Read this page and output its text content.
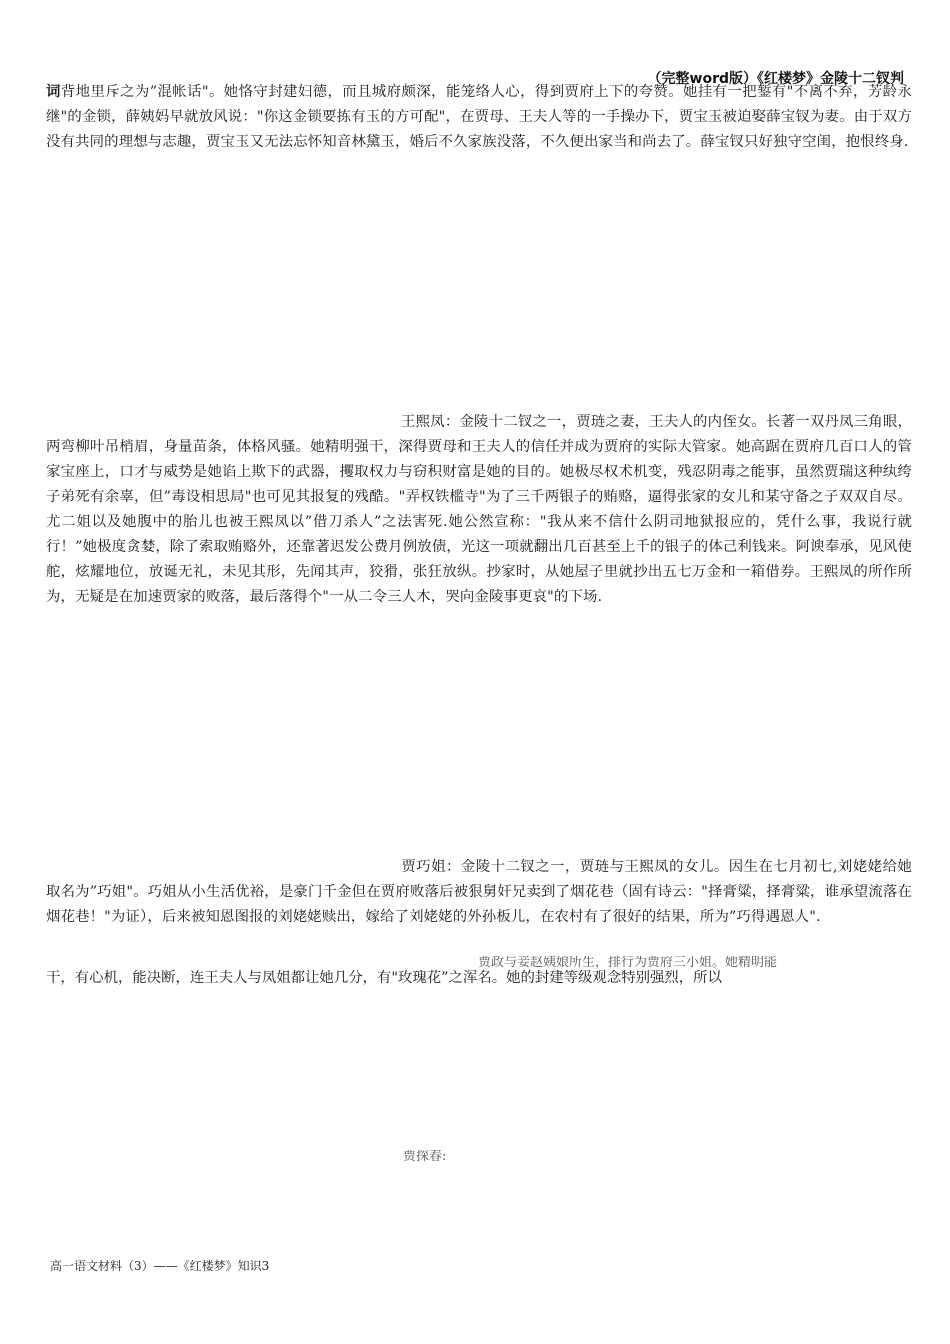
（完整word版）《红楼梦》金陵十二钗判

词背地里斥之为”混帐话"。她恪守封建妇德，而且城府颇深，能笼络人心，得到贾府上下的夸赞。她挂有一把錾有"不离不弃，芳龄永继"的金锁，薛姨妈早就放风说："你这金锁要拣有玉的方可配"，在贾母、王夫人等的一手操办下，贾宝玉被迫娶薛宝钗为妻。由于双方没有共同的理想与志趣，贾宝玉又无法忘怀知音林黛玉，婚后不久家族没落，不久便出家当和尚去了。薛宝钗只好独守空闺，抱恨终身.

王熙凤：金陵十二钗之一，贾琏之妻，王夫人的内侄女。长著一双丹凤三角眼，两弯柳叶吊梢眉，身量苗条，体格风骚。她精明强干，深得贾母和王夫人的信任并成为贾府的实际大管家。她高踞在贾府几百口人的管家宝座上，口才与威势是她谄上欺下的武器，攫取权力与窃积财富是她的目的。她极尽权术机变，残忍阴毒之能事，虽然贾瑞这种纨绔子弟死有余辜，但”毒设相思局"也可见其报复的残酷。"弄权铁槛寺"为了三千两银子的贿赂，逼得张家的女儿和某守备之子双双自尽。尤二姐以及她腹中的胎儿也被王熙凤以”借刀杀人”之法害死.她公然宣称："我从来不信什么阴司地狱报应的，凭什么事，我说行就行！”她极度贪婪，除了索取贿赂外，还靠著迟发公费月例放债，光这一项就翻出几百甚至上千的银子的体己利钱来。阿谀奉承，见风使舵，炫耀地位，放诞无礼，未见其形，先闻其声，狡猾，张狂放纵。抄家时，从她屋子里就抄出五七万金和一箱借券。王熙凤的所作所为，无疑是在加速贾家的败落，最后落得个"一从二令三人木，哭向金陵事更哀"的下场.

贾巧姐：金陵十二钗之一，贾琏与王熙凤的女儿。因生在七月初七,刘姥姥给她取名为”巧姐"。巧姐从小生活优裕，是豪门千金但在贾府败落后被狠舅奸兄卖到了烟花巷（固有诗云："择膏粱，择膏粱，谁承望流落在烟花巷！"为证），后来被知恩图报的刘姥姥赎出，嫁给了刘姥姥的外孙板儿，在农村有了很好的结果，所为”巧得遇恩人".

贾政与妾赵姨娘所生，排行为贾府三小姐。她精明能
干，有心机，能决断，连王夫人与凤姐都让她几分，有"玫瑰花”之浑名。她的封建等级观念特别强烈，所以
贾探春:
高一语文材料（3）——《红楼梦》知识3
